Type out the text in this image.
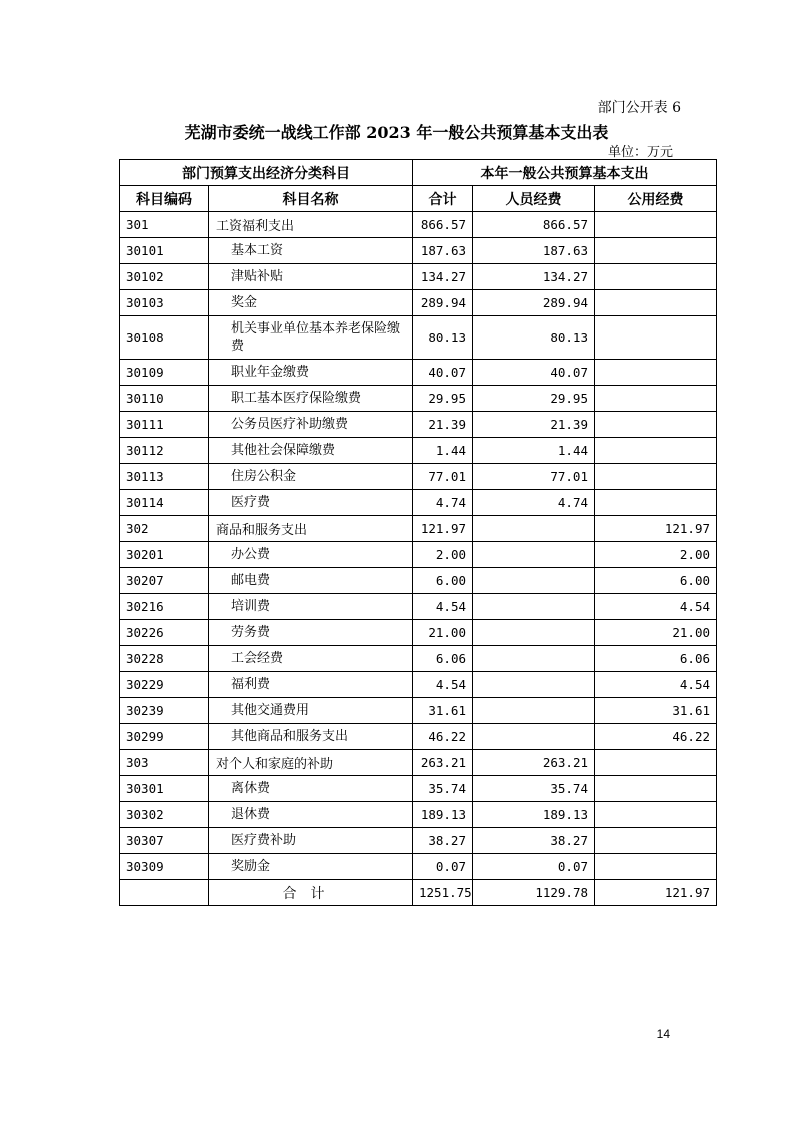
部门公开表 6
芜湖市委统一战线工作部 2023 年一般公共预算基本支出表
单位：万元
部门预算支出经济分类科目		本年一般公共预算基本支出		
科目编码	科目名称	合计	人员经费	公用经费
301	工资福利支出	866.57	866.57	
30101	基本工资	187.63	187.63	
30102	津贴补贴	134.27	134.27	
30103	奖金	289.94	289.94	
30108	机关事业单位基本养老保险缴费	80.13	80.13	
30109	职业年金缴费	40.07	40.07	
30110	职工基本医疗保险缴费	29.95	29.95	
30111	公务员医疗补助缴费	21.39	21.39	
30112	其他社会保障缴费	1.44	1.44	
30113	住房公积金	77.01	77.01	
30114	医疗费	4.74	4.74	
302	商品和服务支出	121.97		121.97
30201	办公费	2.00		2.00
30207	邮电费	6.00		6.00
30216	培训费	4.54		4.54
30226	劳务费	21.00		21.00
30228	工会经费	6.06		6.06
30229	福利费	4.54		4.54
30239	其他交通费用	31.61		31.61
30299	其他商品和服务支出	46.22		46.22
303	对个人和家庭的补助	263.21	263.21	
30301	离休费	35.74	35.74	
30302	退休费	189.13	189.13	
30307	医疗费补助	38.27	38.27	
30309	奖励金	0.07	0.07	
	合计	1251.75	1129.78	121.97
14
